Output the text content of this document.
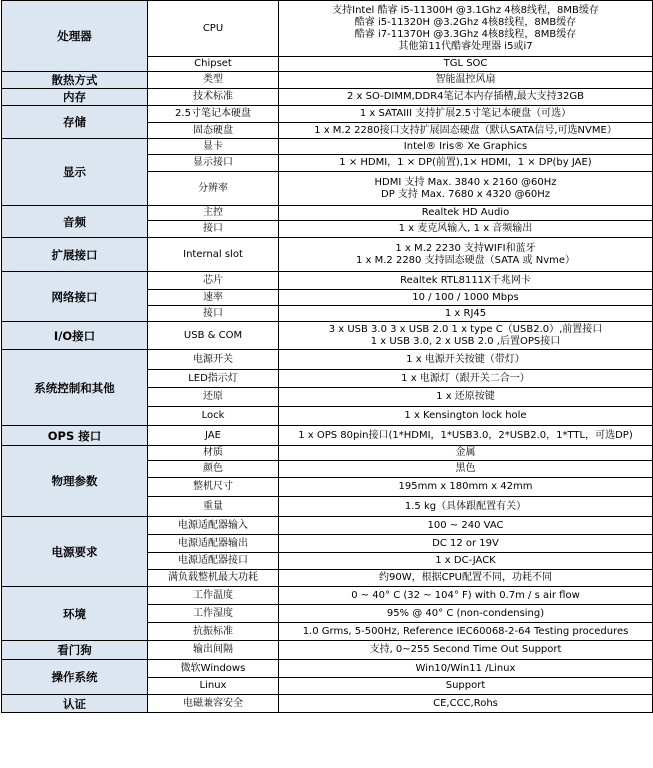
处理器	CPU	支持Intel 酷睿 i5-11300H @3.1Ghz 4核8线程，8MB缓存
酷睿 i5-11320H @3.2Ghz 4核8线程，8MB缓存
酷睿 i7-11370H @3.3Ghz 4核8线程，8MB缓存
其他第11代酷睿处理器 i5或i7
	Chipset	TGL SOC
散热方式	类型	智能温控风扇
内存	技术标准	2 x SO-DIMM,DDR4笔记本内存插槽,最大支持32GB
存储	2.5寸笔记本硬盘	1 x SATAIII 支持扩展2.5寸笔记本硬盘（可选）
	固态硬盘	1 x M.2 2280接口支持扩展固态硬盘（默认SATA信号,可选NVME）
显示	显卡	Intel® Iris® Xe Graphics
	显示接口	1 × HDMI，1 × DP(前置),1× HDMI，1 × DP(by JAE)
	分辨率	HDMI 支持 Max. 3840 x 2160 @60Hz
DP 支持 Max. 7680 x 4320 @60Hz
音频	主控	Realtek HD Audio
	接口	1 x 麦克风输入, 1 x 音频输出
扩展接口	Internal slot	1 x M.2 2230 支持WIFI和蓝牙
1 x M.2 2280 支持固态硬盘（SATA 或 Nvme）
网络接口	芯片	Realtek RTL8111X千兆网卡
	速率	10 / 100 / 1000 Mbps
	接口	1 x RJ45
I/O接口	USB & COM	3 x USB 3.0 3 x USB 2.0 1 x type C（USB2.0）,前置接口
1 x USB 3.0, 2 x USB 2.0 ,后置OPS接口
系统控制和其他	电源开关	1 x 电源开关按键（带灯）
	LED指示灯	1 x 电源灯（跟开关二合一）
	还原	1 x 还原按键
	Lock	1 x Kensington lock hole
OPS 接口	JAE	1 x OPS 80pin接口(1*HDMI，1*USB3.0，2*USB2.0，1*TTL，可选DP)
物理参数	材质	金属
	颜色	黑色
	整机尺寸	195mm x 180mm x 42mm
	重量	1.5 kg（具体跟配置有关）
电源要求	电源适配器输入	100 ~ 240 VAC
	电源适配器输出	DC 12 or 19V
	电源适配器接口	1 x DC-JACK
	满负载整机最大功耗	约90W，根据CPU配置不同，功耗不同
环境	工作温度	0 ~ 40° C (32 ~ 104° F) with 0.7m / s air flow
	工作湿度	95% @ 40° C (non-condensing)
	抗振标准	1.0 Grms, 5-500Hz, Reference IEC60068-2-64 Testing procedures
看门狗	输出间隔	支持, 0~255 Second Time Out Support
操作系统	微软Windows	Win10/Win11 /Linux
	Linux	Support
认证	电磁兼容安全	CE,CCC,Rohs
